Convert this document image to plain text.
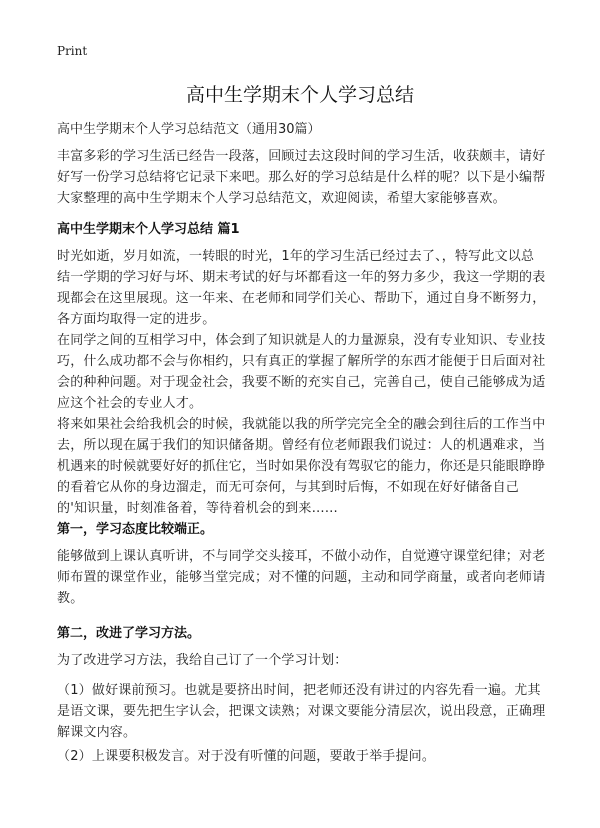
Print
高中生学期末个人学习总结
高中生学期末个人学习总结范文（通用30篇）

丰富多彩的学习生活已经告一段落，回顾过去这段时间的学习生活，收获颇丰，请好好写一份学习总结将它记录下来吧。那么好的学习总结是什么样的呢？以下是小编帮大家整理的高中生学期末个人学习总结范文，欢迎阅读，希望大家能够喜欢。

高中生学期末个人学习总结 篇1

时光如逝，岁月如流，一转眼的时光，1年的学习生活已经过去了、，特写此文以总结一学期的学习好与坏、期末考试的好与坏都看这一年的努力多少，我这一学期的表现都会在这里展现。这一年来、在老师和同学们关心、帮助下，通过自身不断努力，各方面均取得一定的进步。

在同学之间的互相学习中，体会到了知识就是人的力量源泉，没有专业知识、专业技巧，什么成功都不会与你相约，只有真正的掌握了解所学的东西才能便于日后面对社会的种种问题。对于现金社会，我要不断的充实自己，完善自己，使自己能够成为适应这个社会的专业人才。

将来如果社会给我机会的时候，我就能以我的所学完完全全的融会到往后的工作当中去，所以现在属于我们的知识储备期。曾经有位老师跟我们说过：人的机遇难求，当机遇来的时候就要好好的抓住它，当时如果你没有驾驭它的能力，你还是只能眼睁睁的看着它从你的身边溜走，而无可奈何，与其到时后悔，不如现在好好储备自己的'知识量，时刻准备着，等待着机会的到来……

第一，学习态度比较端正。

能够做到上课认真听讲，不与同学交头接耳，不做小动作，自觉遵守课堂纪律；对老师布置的课堂作业，能够当堂完成；对不懂的问题，主动和同学商量，或者向老师请教。

第二，改进了学习方法。

为了改进学习方法，我给自己订了一个学习计划：

（1）做好课前预习。也就是要挤出时间，把老师还没有讲过的内容先看一遍。尤其是语文课，要先把生字认会，把课文读熟；对课文要能分清层次，说出段意，正确理解课文内容。

（2）上课要积极发言。对于没有听懂的问题，要敢于举手提问。
